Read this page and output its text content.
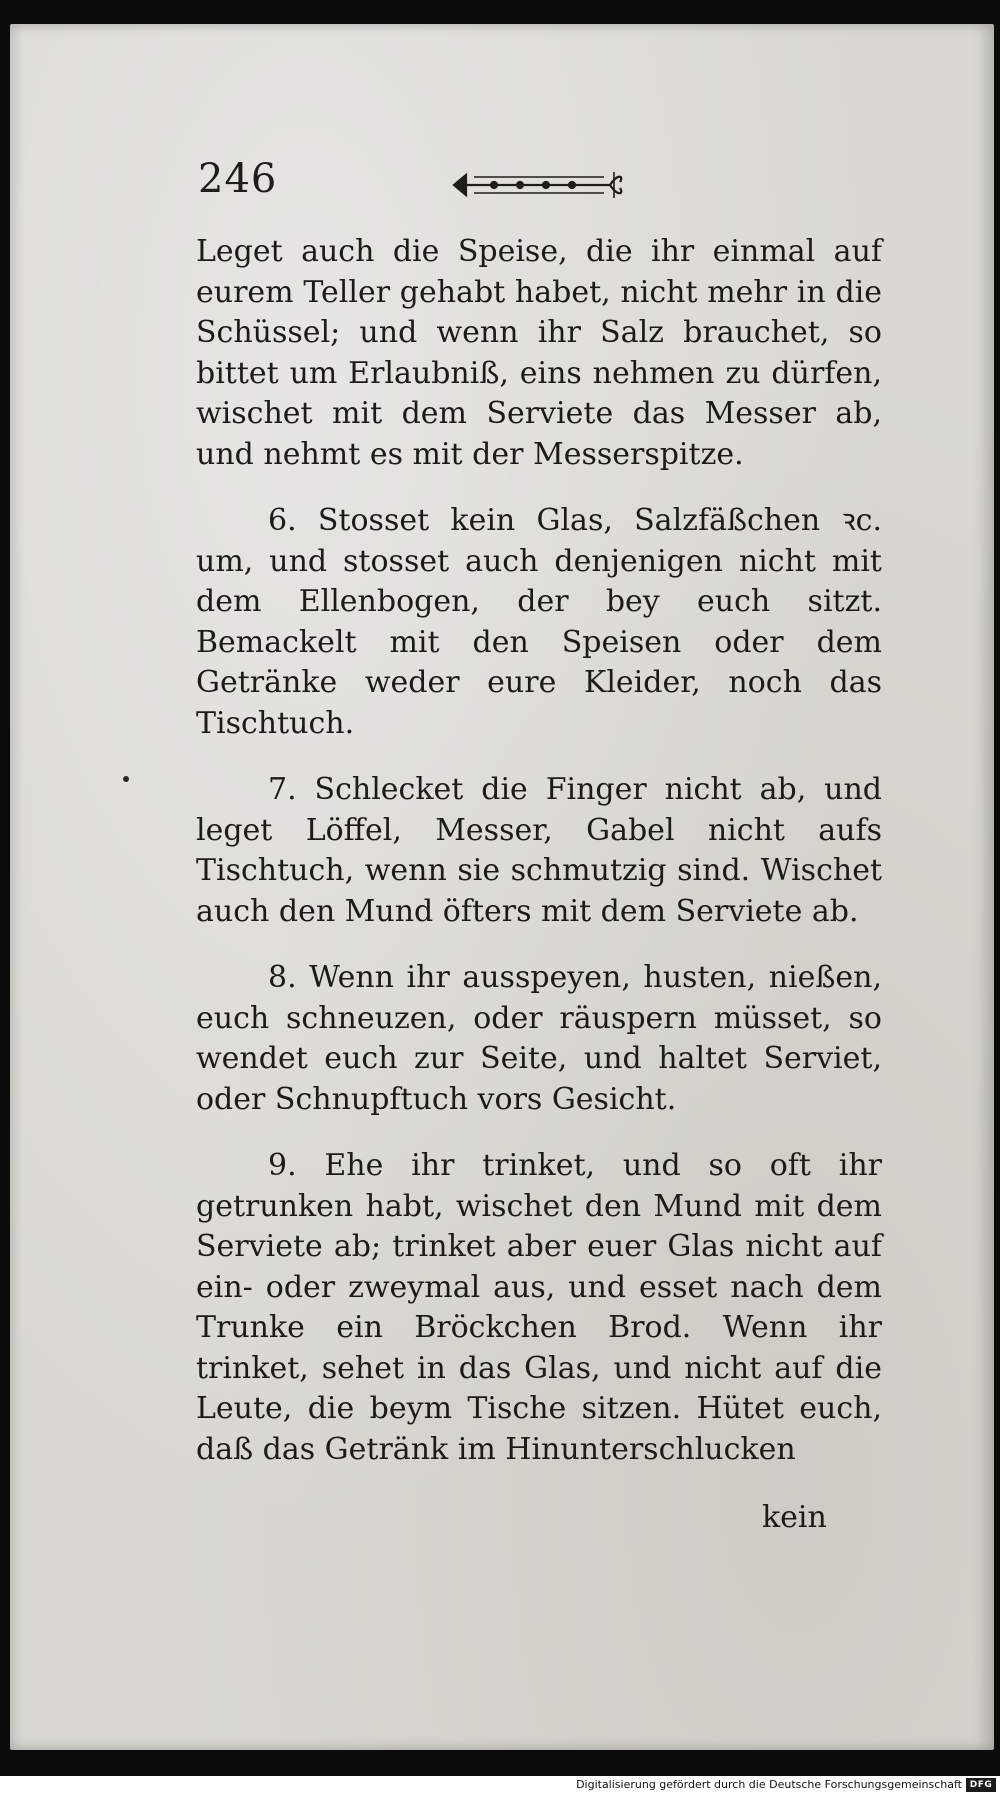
246

Leget auch die Speise, die ihr einmal auf eurem Teller gehabt habet, nicht mehr in die Schüssel; und wenn ihr Salz brauchet, so bittet um Erlaubniß, eins nehmen zu dürfen, wischet mit dem Serviete das Messer ab, und nehmt es mit der Messerspitze.

6. Stosset kein Glas, Salzfäßchen ꝛc. um, und stosset auch denjenigen nicht mit dem Ellenbogen, der bey euch sitzt. Bemackelt mit den Speisen oder dem Getränke weder eure Kleider, noch das Tischtuch.

7. Schlecket die Finger nicht ab, und leget Löffel, Messer, Gabel nicht aufs Tischtuch, wenn sie schmutzig sind. Wischet auch den Mund öfters mit dem Serviete ab.

8. Wenn ihr ausspeyen, husten, nießen, euch schneuzen, oder räuspern müsset, so wendet euch zur Seite, und haltet Serviet, oder Schnupftuch vors Gesicht.

9. Ehe ihr trinket, und so oft ihr getrunken habt, wischet den Mund mit dem Serviete ab; trinket aber euer Glas nicht auf ein- oder zweymal aus, und esset nach dem Trunke ein Bröckchen Brod. Wenn ihr trinket, sehet in das Glas, und nicht auf die Leute, die beym Tische sitzen. Hütet euch, daß das Getränk im Hinunterschlucken

kein
Digitalisierung gefördert durch die Deutsche Forschungsgemeinschaft DFG
